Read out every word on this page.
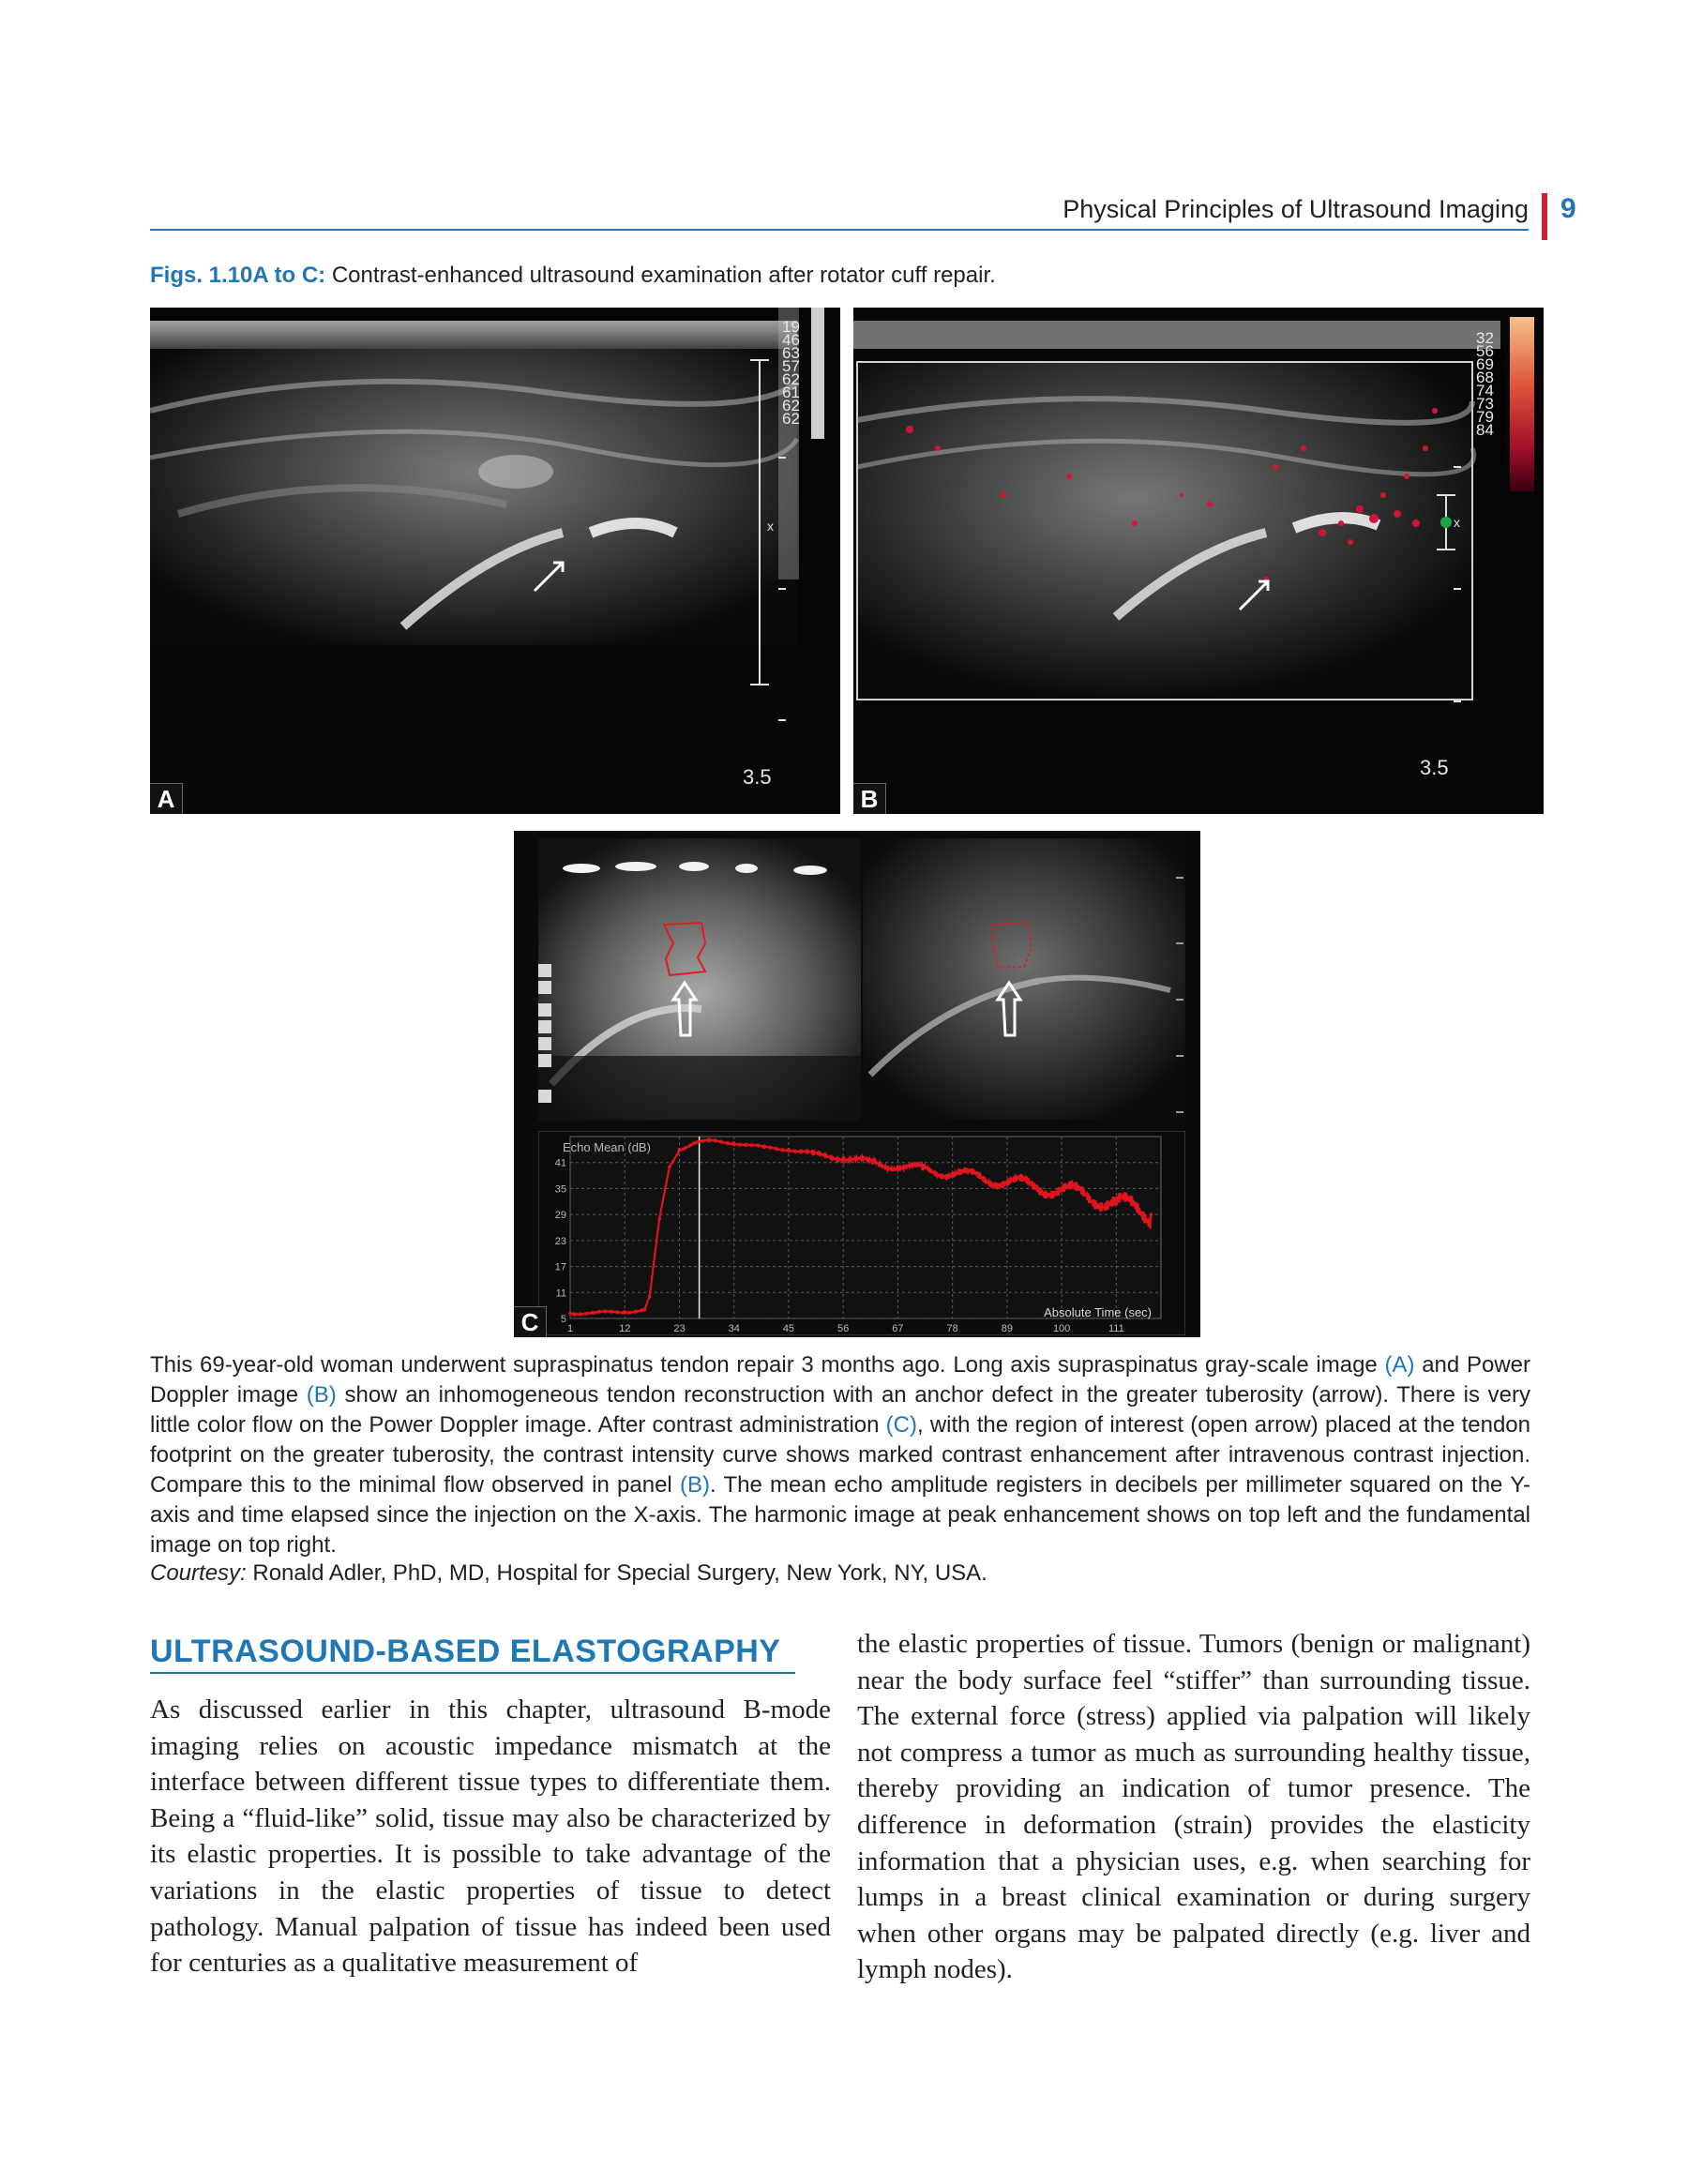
Physical Principles of Ultrasound Imaging 9
Figs. 1.10A to C: Contrast-enhanced ultrasound examination after rotator cuff repair.
x
19
46
63
57
62
61
62
62
3.5
A
x
32
56
69
68
74
73
79
84
3.5
B
41
35
29
23
17
11
5
1	12	23	34	45	56	67	78	89	100	111
Echo Mean (dB)
Absolute Time (sec)
C
This 69-year-old woman underwent supraspinatus tendon repair 3 months ago. Long axis supraspinatus gray-scale image (A) and Power Doppler image (B) show an inhomogeneous tendon reconstruction with an anchor defect in the greater tuberosity (arrow). There is very little color flow on the Power Doppler image. After contrast administration (C), with the region of interest (open arrow) placed at the tendon footprint on the greater tuberosity, the contrast intensity curve shows marked contrast enhancement after intravenous contrast injection. Compare this to the minimal flow observed in panel (B). The mean echo amplitude registers in decibels per millimeter squared on the Y-axis and time elapsed since the injection on the X-axis. The harmonic image at peak enhancement shows on top left and the fundamental image on top right.
Courtesy: Ronald Adler, PhD, MD, Hospital for Special Surgery, New York, NY, USA.
ULTRASOUND-BASED ELASTOGRAPHY
As discussed earlier in this chapter, ultrasound B-mode imaging relies on acoustic impedance mismatch at the interface between different tissue types to differentiate them. Being a “fluid-like” solid, tissue may also be characterized by its elastic properties. It is possible to take advantage of the variations in the elastic properties of tissue to detect pathology. Manual palpation of tissue has indeed been used for centuries as a qualitative measurement of
the elastic properties of tissue. Tumors (benign or malignant) near the body surface feel “stiffer” than surrounding tissue. The external force (stress) applied via palpation will likely not compress a tumor as much as surrounding healthy tissue, thereby providing an indication of tumor presence. The difference in deformation (strain) provides the elasticity information that a physician uses, e.g. when searching for lumps in a breast clinical examination or during surgery when other organs may be palpated directly (e.g. liver and lymph nodes).
